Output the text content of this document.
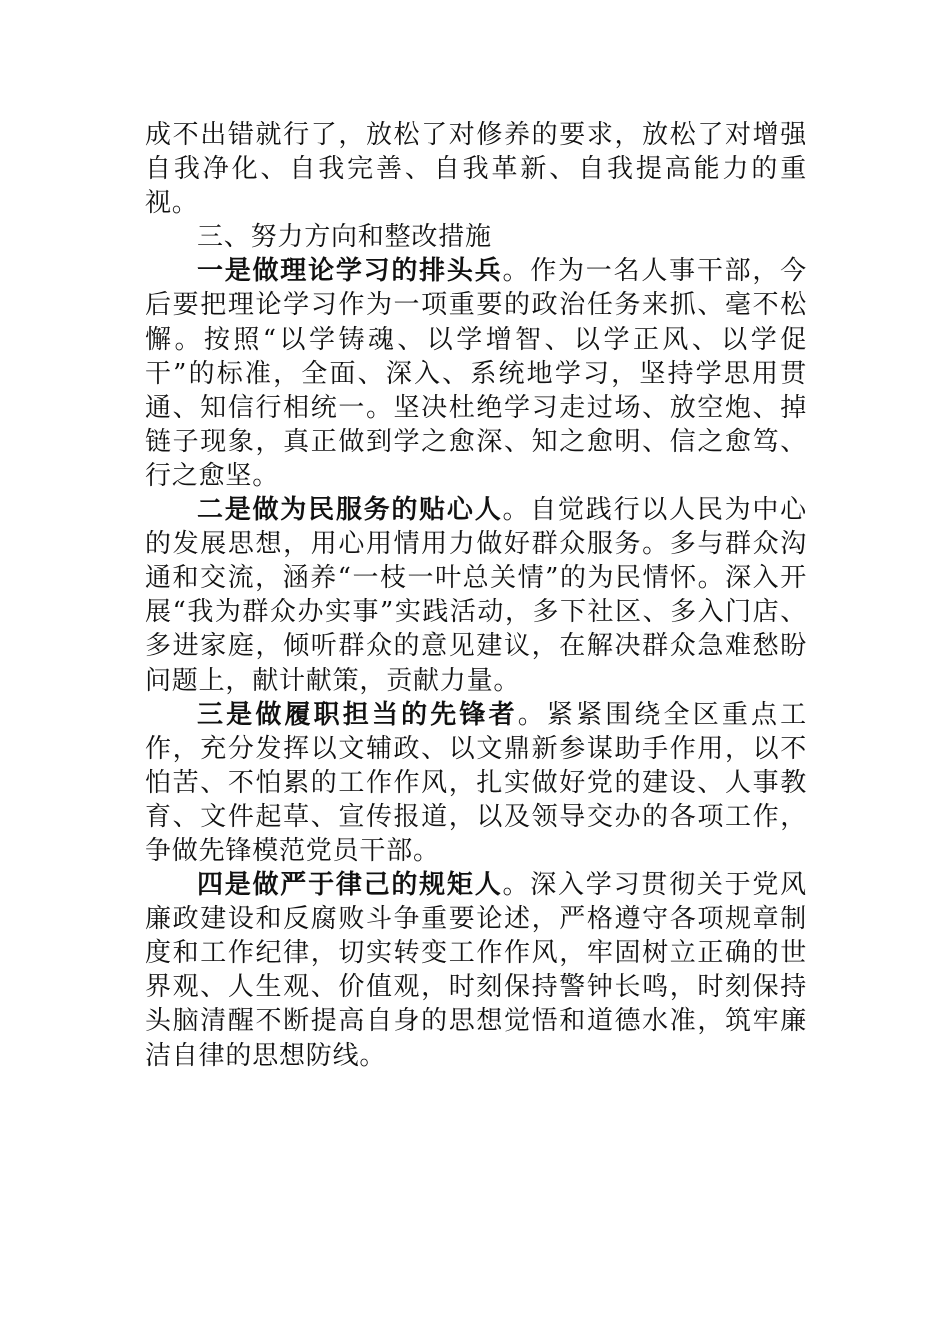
成不出错就行了，放松了对修养的要求，放松了对增强自我净化、自我完善、自我革新、自我提高能力的重视。

三、努力方向和整改措施

一是做理论学习的排头兵。作为一名人事干部，今后要把理论学习作为一项重要的政治任务来抓、毫不松懈。按照“以学铸魂、以学增智、以学正风、以学促干”的标准，全面、深入、系统地学习，坚持学思用贯通、知信行相统一。坚决杜绝学习走过场、放空炮、掉链子现象，真正做到学之愈深、知之愈明、信之愈笃、行之愈坚。

二是做为民服务的贴心人。自觉践行以人民为中心的发展思想，用心用情用力做好群众服务。多与群众沟通和交流，涵养“一枝一叶总关情”的为民情怀。深入开展“我为群众办实事”实践活动，多下社区、多入门店、多进家庭，倾听群众的意见建议，在解决群众急难愁盼问题上，献计献策，贡献力量。

三是做履职担当的先锋者。紧紧围绕全区重点工作，充分发挥以文辅政、以文鼎新参谋助手作用，以不怕苦、不怕累的工作作风，扎实做好党的建设、人事教育、文件起草、宣传报道，以及领导交办的各项工作，争做先锋模范党员干部。

四是做严于律己的规矩人。深入学习贯彻关于党风廉政建设和反腐败斗争重要论述，严格遵守各项规章制度和工作纪律，切实转变工作作风，牢固树立正确的世界观、人生观、价值观，时刻保持警钟长鸣，时刻保持头脑清醒不断提高自身的思想觉悟和道德水准，筑牢廉洁自律的思想防线。
